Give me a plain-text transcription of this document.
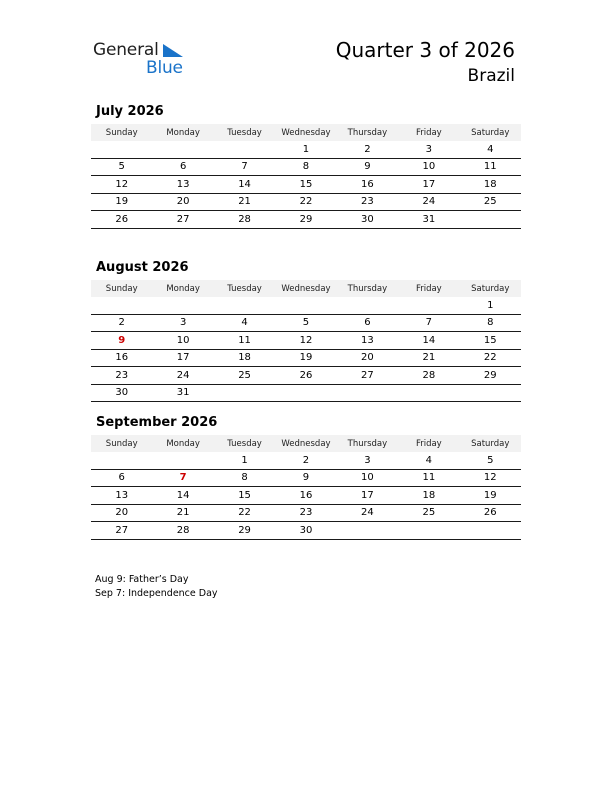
General
Blue
Quarter 3 of 2026
Brazil
July 2026
Sunday	Monday	Tuesday	Wednesday	Thursday	Friday	Saturday
			1	2	3	4
5	6	7	8	9	10	11
12	13	14	15	16	17	18
19	20	21	22	23	24	25
26	27	28	29	30	31	
August 2026
Sunday	Monday	Tuesday	Wednesday	Thursday	Friday	Saturday
						1
2	3	4	5	6	7	8
9	10	11	12	13	14	15
16	17	18	19	20	21	22
23	24	25	26	27	28	29
30	31					
September 2026
Sunday	Monday	Tuesday	Wednesday	Thursday	Friday	Saturday
		1	2	3	4	5
6	7	8	9	10	11	12
13	14	15	16	17	18	19
20	21	22	23	24	25	26
27	28	29	30			
Aug 9: Father’s Day
Sep 7: Independence Day
